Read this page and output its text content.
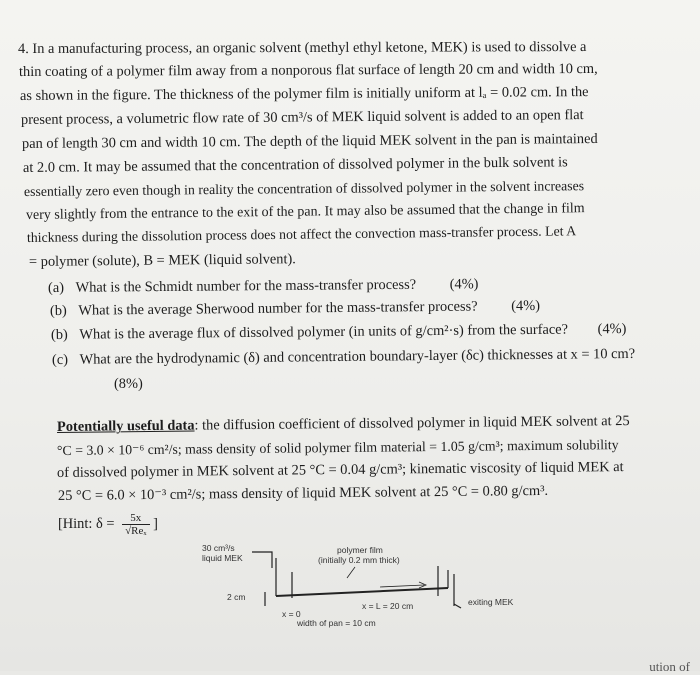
4. In a manufacturing process, an organic solvent (methyl ethyl ketone, MEK) is used to dissolve a
thin coating of a polymer film away from a nonporous flat surface of length 20 cm and width 10 cm,
as shown in the figure. The thickness of the polymer film is initially uniform at lₐ = 0.02 cm. In the
present process, a volumetric flow rate of 30 cm³/s of MEK liquid solvent is added to an open flat
pan of length 30 cm and width 10 cm. The depth of the liquid MEK solvent in the pan is maintained
at 2.0 cm. It may be assumed that the concentration of dissolved polymer in the bulk solvent is
essentially zero even though in reality the concentration of dissolved polymer in the solvent increases
very slightly from the entrance to the exit of the pan. It may also be assumed that the change in film
thickness during the dissolution process does not affect the convection mass-transfer process. Let A
= polymer (solute), B = MEK (liquid solvent).
(a) What is the Schmidt number for the mass-transfer process? (4%)
(b) What is the average Sherwood number for the mass-transfer process? (4%)
(b) What is the average flux of dissolved polymer (in units of g/cm²·s) from the surface? (4%)
(c) What are the hydrodynamic (δ) and concentration boundary-layer (δc) thicknesses at x = 10 cm?
(8%)
Potentially useful data: the diffusion coefficient of dissolved polymer in liquid MEK solvent at 25
°C = 3.0 × 10⁻⁶ cm²/s; mass density of solid polymer film material = 1.05 g/cm³; maximum solubility
of dissolved polymer in MEK solvent at 25 °C = 0.04 g/cm³; kinematic viscosity of liquid MEK at
25 °C = 6.0 × 10⁻³ cm²/s; mass density of liquid MEK solvent at 25 °C = 0.80 g/cm³.
[Hint: $\delta = \frac{5x}{\text{√Reₓ}}$ ]
30 cm³/s
liquid MEK
polymer film
(initially 0.2 mm thick)
2 cm
x = 0
x = L = 20 cm
width of pan = 10 cm
exiting MEK
ution of
